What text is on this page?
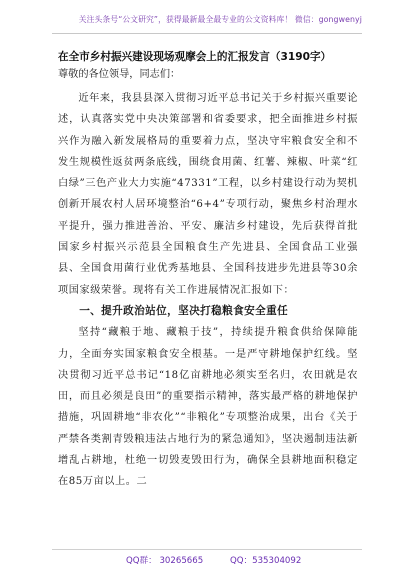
关注头条号“公文研究”，获得最新最全最专业的公文资料库！ 微信：gongwenyj
在全市乡村振兴建设现场观摩会上的汇报发言（3190字）
尊敬的各位领导，同志们：

近年来，我县县深入贯彻习近平总书记关于乡村振兴重要论述，认真落实党中央决策部署和省委要求，把全面推进乡村振兴作为融入新发展格局的重要着力点，坚决守牢粮食安全和不发生规模性返贫两条底线，围绕食用菌、红薯、辣椒、叶菜“红白绿”三色产业大力实施“47331”工程，以乡村建设行动为契机创新开展农村人居环境整治“6+4”专项行动，聚焦乡村治理水平提升，强力推进善治、平安、廉洁乡村建设，先后获得首批国家乡村振兴示范县全国粮食生产先进县、全国食品工业强县、全国食用菌行业优秀基地县、全国科技进步先进县等30余项国家级荣誉。现将有关工作进展情况汇报如下：

一、提升政治站位，坚决打稳粮食安全重任

坚持“藏粮于地、藏粮于技”，持续提升粮食供给保障能力，全面夯实国家粮食安全根基。一是严守耕地保护红线。坚决贯彻习近平总书记“18亿亩耕地必须实至名归，农田就是农田，而且必须是良田”的重要指示精神，落实最严格的耕地保护措施，巩固耕地“非农化”“非粮化”专项整治成果，出台《关于严禁各类割青毁粮违法占地行为的紧急通知》，坚决遏制违法新增乱占耕地，杜绝一切毁麦毁田行为，确保全县耕地面积稳定在85万亩以上。二

QQ群： 30265665	QQ：535304092
